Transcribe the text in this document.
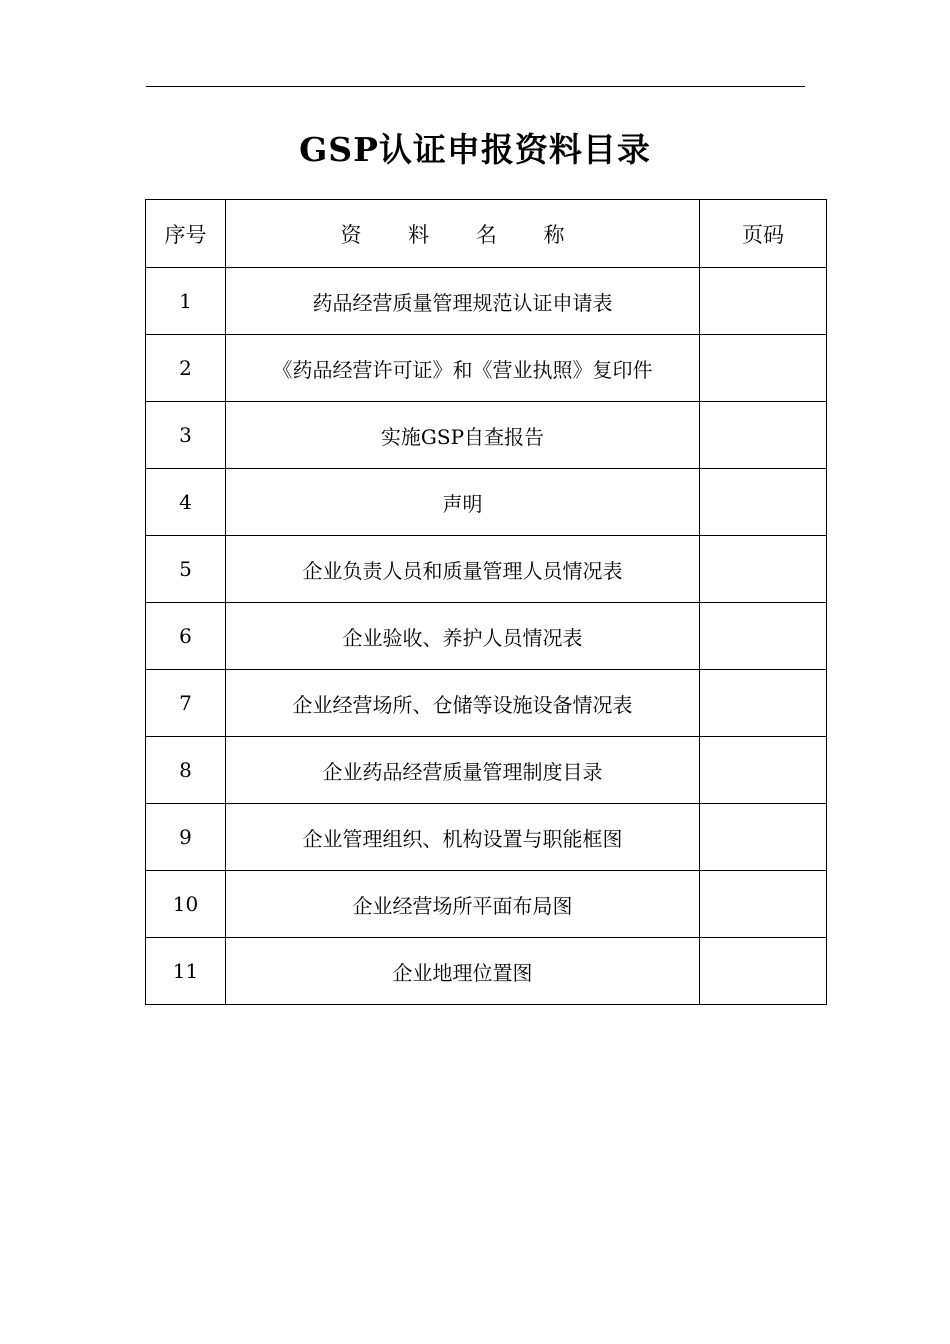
GSP认证申报资料目录
序号	资 料 名 称	页码
1	药品经营质量管理规范认证申请表	
2	《药品经营许可证》和《营业执照》复印件	
3	实施GSP自查报告	
4	声明	
5	企业负责人员和质量管理人员情况表	
6	企业验收、养护人员情况表	
7	企业经营场所、仓储等设施设备情况表	
8	企业药品经营质量管理制度目录	
9	企业管理组织、机构设置与职能框图	
10	企业经营场所平面布局图	
11	企业地理位置图	
